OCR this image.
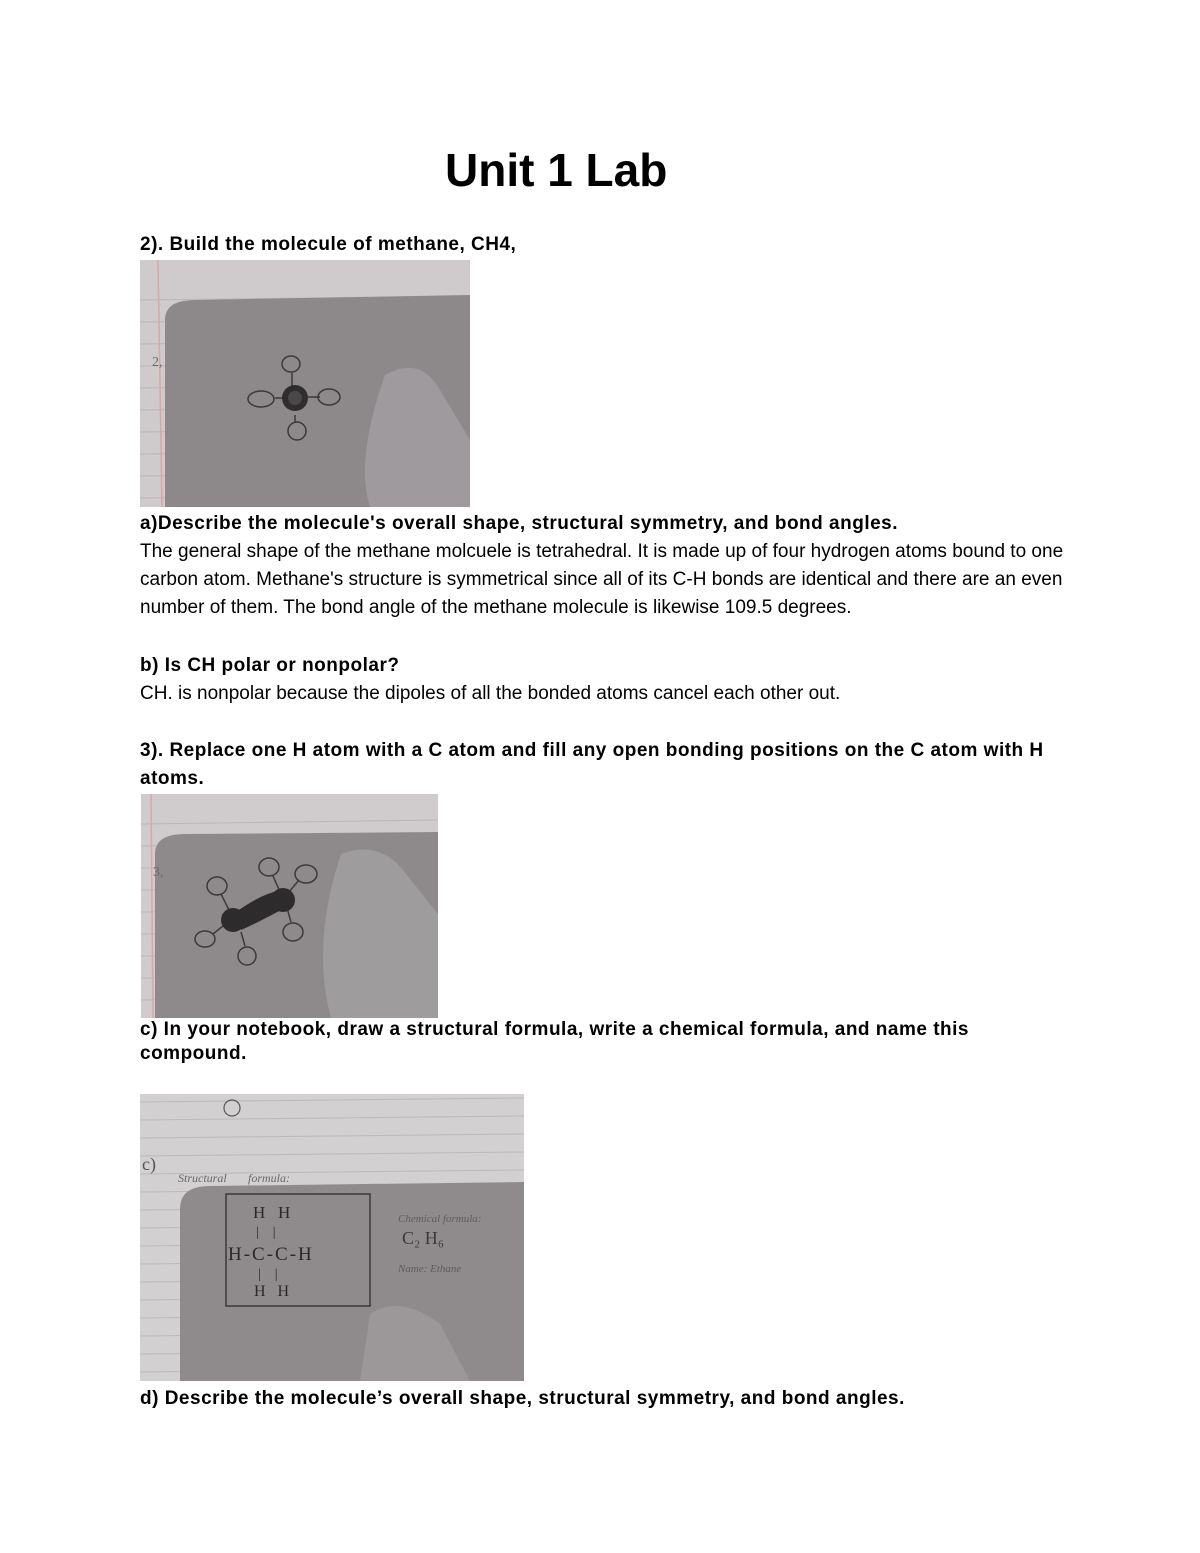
Unit 1 Lab

2). Build the molecule of methane, CH4,

2,

a)Describe the molecule's overall shape, structural symmetry, and bond angles.

The general shape of the methane molcuele is tetrahedral. It is made up of four hydrogen atoms bound to one carbon atom. Methane's structure is symmetrical since all of its C-H bonds are identical and there are an even number of them. The bond angle of the methane molecule is likewise 109.5 degrees.

b) Is CH polar or nonpolar?

CH. is nonpolar because the dipoles of all the bonded atoms cancel each other out.

3). Replace one H atom with a C atom and fill any open bonding positions on the C atom with H atoms.

3,

c) In your notebook, draw a structural formula, write a chemical formula, and name this compound.

c)
Structural formula:
H   H
|    |
H-C-C-H
|    |
H   H
Chemical formula:
C₂ H₆
Name: Ethane

d) Describe the molecule’s overall shape, structural symmetry, and bond angles.
